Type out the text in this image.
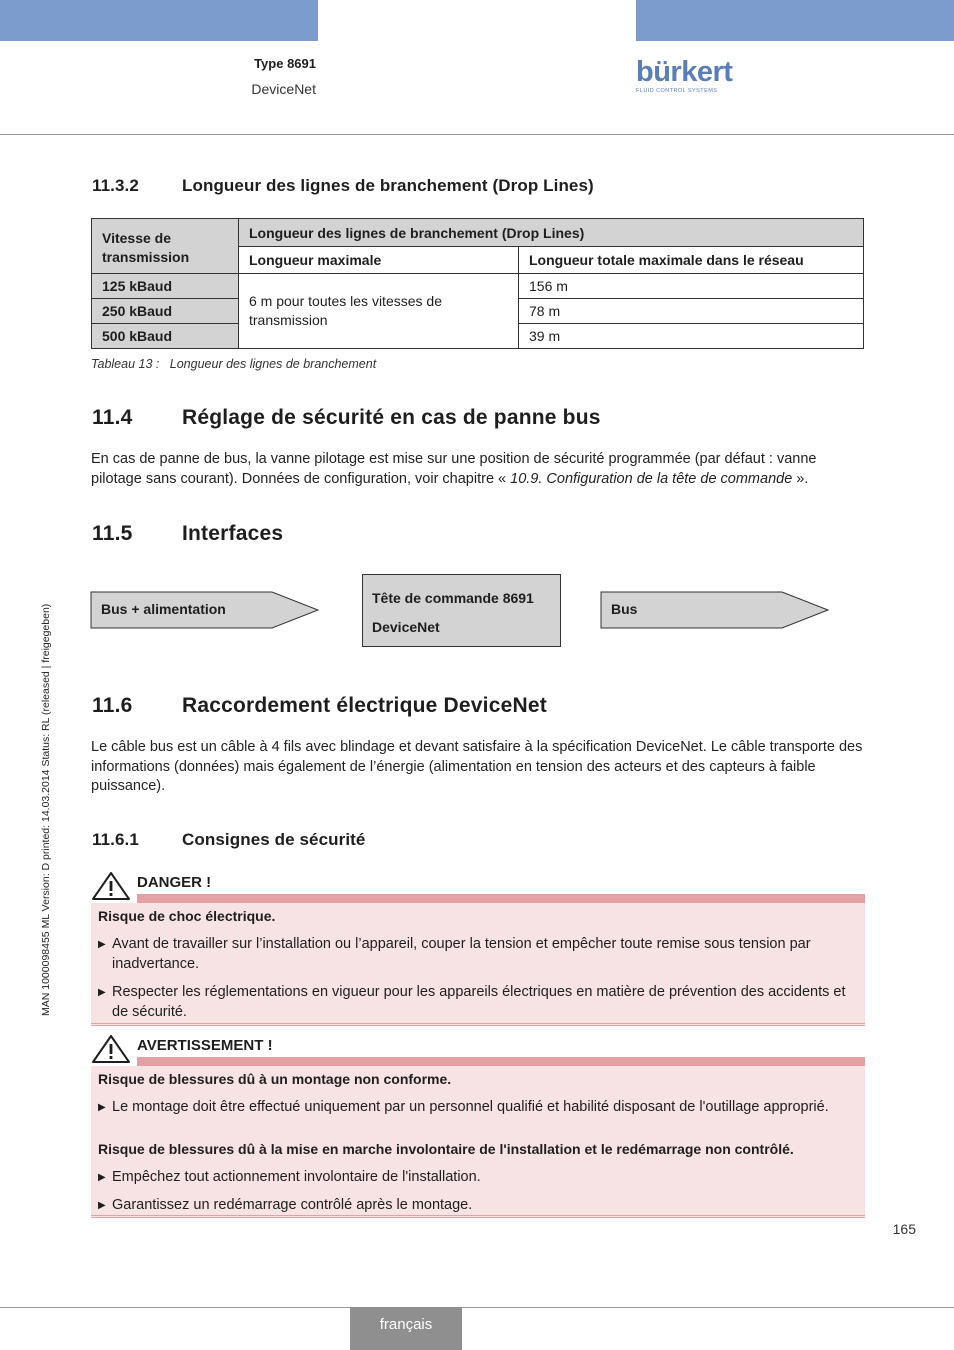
Type 8691
DeviceNet
bürkert
FLUID CONTROL SYSTEMS
MAN 1000098455 ML Version: D printed: 14.03.2014 Status: RL (released | freigegeben)
11.3.2	Longueur des lignes de branchement (Drop Lines)
Vitesse de transmission	Longueur des lignes de branchement (Drop Lines)	
	Longueur maximale	Longueur totale maximale dans le réseau
125 kBaud	6 m pour toutes les vitesses de transmission	156 m
250 kBaud		78 m
500 kBaud		39 m
Tableau 13 : Longueur des lignes de branchement
11.4 Réglage de sécurité en cas de panne bus

En cas de panne de bus, la vanne pilotage est mise sur une position de sécurité programmée (par défaut : vanne pilotage sans courant). Données de configuration, voir chapitre « 10.9. Configuration de la tête de commande ».

11.5 Interfaces
Bus + alimentation
Tête de commande 8691
DeviceNet
Bus
11.6 Raccordement électrique DeviceNet

Le câble bus est un câble à 4 fils avec blindage et devant satisfaire à la spécification DeviceNet. Le câble transporte des informations (données) mais également de l’énergie (alimentation en tension des acteurs et des capteurs à faible puissance).

11.6.1	Consignes de sécurité
DANGER !
Risque de choc électrique.
▶ Avant de travailler sur l’installation ou l’appareil, couper la tension et empêcher toute remise sous tension par inadvertance.
▶ Respecter les réglementations en vigueur pour les appareils électriques en matière de prévention des accidents et de sécurité.
AVERTISSEMENT !
Risque de blessures dû à un montage non conforme.
▶ Le montage doit être effectué uniquement par un personnel qualifié et habilité disposant de l'outillage approprié.
Risque de blessures dû à la mise en marche involontaire de l'installation et le redémarrage non contrôlé.
▶ Empêchez tout actionnement involontaire de l'installation.
▶ Garantissez un redémarrage contrôlé après le montage.
165
français
